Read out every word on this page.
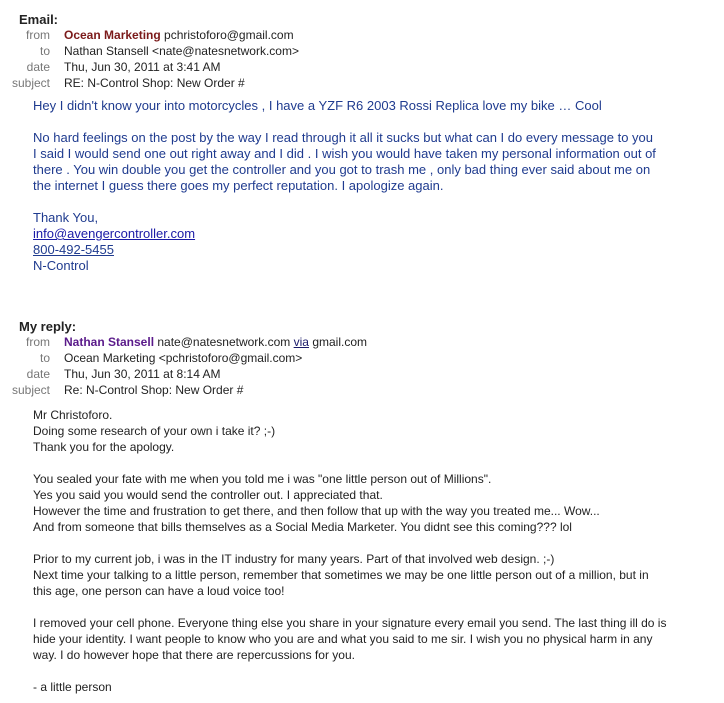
Email:
from	Ocean Marketing pchristoforo@gmail.com
to	Nathan Stansell <nate@natesnetwork.com>
date	Thu, Jun 30, 2011 at 3:41 AM
subject	RE: N-Control Shop: New Order #

Hey I didn't know your into motorcycles , I have a YZF R6 2003 Rossi Replica love my bike … Cool

No hard feelings on the post by the way I read through it all it sucks but what can I do every message to you

I said I would send one out right away and I did . I wish you would have taken my personal information out of

there . You win double you get the controller and you got to trash me , only bad thing ever said about me on

the internet I guess there goes my perfect reputation. I apologize again.

Thank You,

info@avengercontroller.com

800-492-5455

N-Control

My reply:
from	Nathan Stansell nate@natesnetwork.com via gmail.com
to	Ocean Marketing <pchristoforo@gmail.com>
date	Thu, Jun 30, 2011 at 8:14 AM
subject	Re: N-Control Shop: New Order #

Mr Christoforo.

Doing some research of your own i take it? ;-)

Thank you for the apology.

You sealed your fate with me when you told me i was "one little person out of Millions".

Yes you said you would send the controller out. I appreciated that.

However the time and frustration to get there, and then follow that up with the way you treated me... Wow...

And from someone that bills themselves as a Social Media Marketer. You didnt see this coming??? lol

Prior to my current job, i was in the IT industry for many years. Part of that involved web design. ;-)

Next time your talking to a little person, remember that sometimes we may be one little person out of a million, but in

this age, one person can have a loud voice too!

I removed your cell phone. Everyone thing else you share in your signature every email you send. The last thing ill do is

hide your identity. I want people to know who you are and what you said to me sir. I wish you no physical harm in any

way. I do however hope that there are repercussions for you.

- a little person
